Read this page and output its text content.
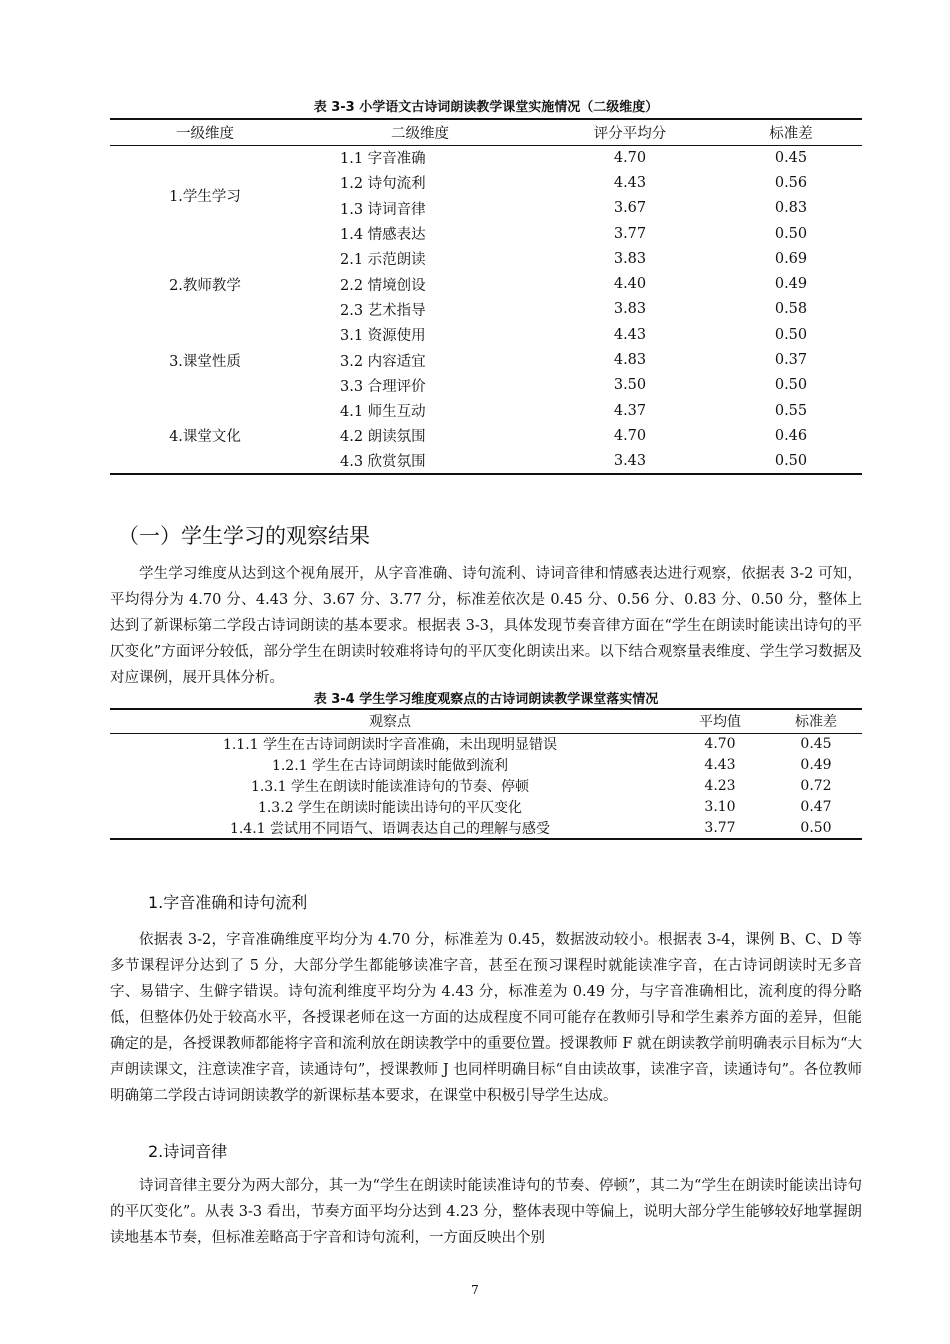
表 3-3 小学语文古诗词朗读教学课堂实施情况（二级维度）
一级维度	二级维度	评分平均分	标准差
1.学生学习	1.1 字音准确	4.70	0.45
	1.2 诗句流利	4.43	0.56
	1.3 诗词音律	3.67	0.83
	1.4 情感表达	3.77	0.50
2.教师教学	2.1 示范朗读	3.83	0.69
	2.2 情境创设	4.40	0.49
	2.3 艺术指导	3.83	0.58
3.课堂性质	3.1 资源使用	4.43	0.50
	3.2 内容适宜	4.83	0.37
	3.3 合理评价	3.50	0.50
4.课堂文化	4.1 师生互动	4.37	0.55
	4.2 朗读氛围	4.70	0.46
	4.3 欣赏氛围	3.43	0.50
（一）学生学习的观察结果

学生学习维度从达到这个视角展开，从字音准确、诗句流利、诗词音律和情感表达进行观察，依据表 3-2 可知，平均得分为 4.70 分、4.43 分、3.67 分、3.77 分，标准差依次是 0.45 分、0.56 分、0.83 分、0.50 分，整体上达到了新课标第二学段古诗词朗读的基本要求。根据表 3-3，具体发现节奏音律方面在“学生在朗读时能读出诗句的平仄变化”方面评分较低，部分学生在朗读时较难将诗句的平仄变化朗读出来。以下结合观察量表维度、学生学习数据及对应课例，展开具体分析。

表 3-4 学生学习维度观察点的古诗词朗读教学课堂落实情况
观察点	平均值	标准差
1.1.1 学生在古诗词朗读时字音准确，未出现明显错误	4.70	0.45
1.2.1 学生在古诗词朗读时能做到流利	4.43	0.49
1.3.1 学生在朗读时能读准诗句的节奏、停顿	4.23	0.72
1.3.2 学生在朗读时能读出诗句的平仄变化	3.10	0.47
1.4.1 尝试用不同语气、语调表达自己的理解与感受	3.77	0.50
1.字音准确和诗句流利

依据表 3-2，字音准确维度平均分为 4.70 分，标准差为 0.45，数据波动较小。根据表 3-4，课例 B、C、D 等多节课程评分达到了 5 分，大部分学生都能够读准字音，甚至在预习课程时就能读准字音，在古诗词朗读时无多音字、易错字、生僻字错误。诗句流利维度平均分为 4.43 分，标准差为 0.49 分，与字音准确相比，流利度的得分略低，但整体仍处于较高水平，各授课老师在这一方面的达成程度不同可能存在教师引导和学生素养方面的差异，但能确定的是，各授课教师都能将字音和流利放在朗读教学中的重要位置。授课教师 F 就在朗读教学前明确表示目标为“大声朗读课文，注意读准字音，读通诗句”，授课教师 J 也同样明确目标“自由读故事，读准字音，读通诗句”。各位教师明确第二学段古诗词朗读教学的新课标基本要求，在课堂中积极引导学生达成。

2.诗词音律

诗词音律主要分为两大部分，其一为“学生在朗读时能读准诗句的节奏、停顿”，其二为“学生在朗读时能读出诗句的平仄变化”。从表 3-3 看出，节奏方面平均分达到 4.23 分，整体表现中等偏上，说明大部分学生能够较好地掌握朗读地基本节奏，但标准差略高于字音和诗句流利，一方面反映出个别

7
